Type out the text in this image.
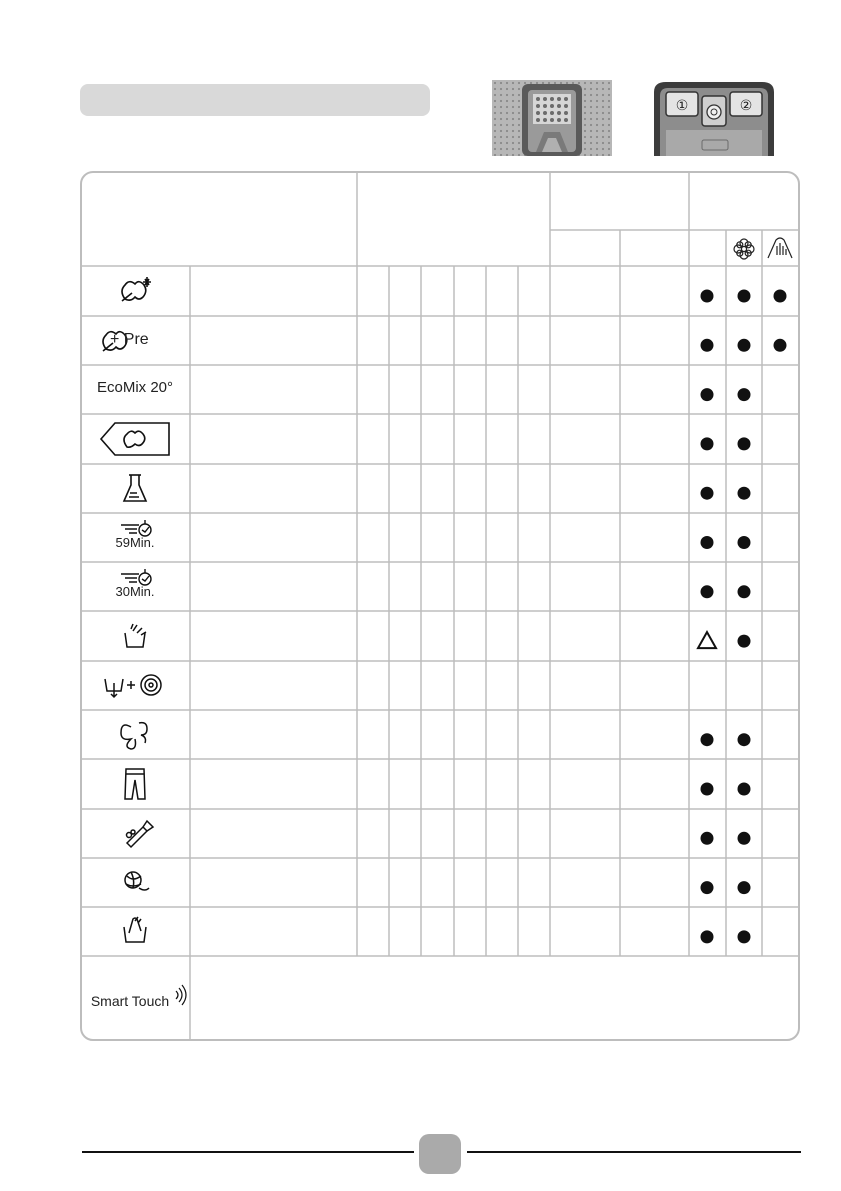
①	②
+ Pre
EcoMix 20°
59Min.
30Min.
Smart Touch
